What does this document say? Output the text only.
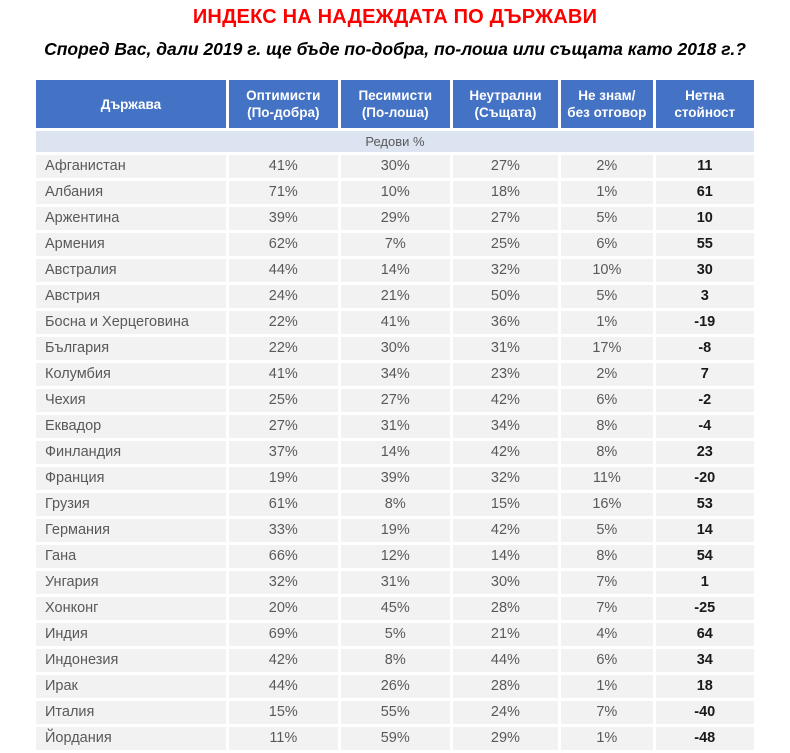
ИНДЕКС НА НАДЕЖДАТА ПО ДЪРЖАВИ
Според Вас, дали 2019 г. ще бъде по-добра, по-лоша или същата като 2018 г.?
Държава	Оптимисти (По-добра)	Песимисти (По-лоша)	Неутрални (Същата)	Не знам/без отговор	Нетна стойност
Редови %					
Афганистан	41%	30%	27%	2%	11
Албания	71%	10%	18%	1%	61
Аржентина	39%	29%	27%	5%	10
Армения	62%	7%	25%	6%	55
Австралия	44%	14%	32%	10%	30
Австрия	24%	21%	50%	5%	3
Босна и Херцеговина	22%	41%	36%	1%	-19
България	22%	30%	31%	17%	-8
Колумбия	41%	34%	23%	2%	7
Чехия	25%	27%	42%	6%	-2
Еквадор	27%	31%	34%	8%	-4
Финландия	37%	14%	42%	8%	23
Франция	19%	39%	32%	11%	-20
Грузия	61%	8%	15%	16%	53
Германия	33%	19%	42%	5%	14
Гана	66%	12%	14%	8%	54
Унгария	32%	31%	30%	7%	1
Хонконг	20%	45%	28%	7%	-25
Индия	69%	5%	21%	4%	64
Индонезия	42%	8%	44%	6%	34
Ирак	44%	26%	28%	1%	18
Италия	15%	55%	24%	7%	-40
Йордания	11%	59%	29%	1%	-48
